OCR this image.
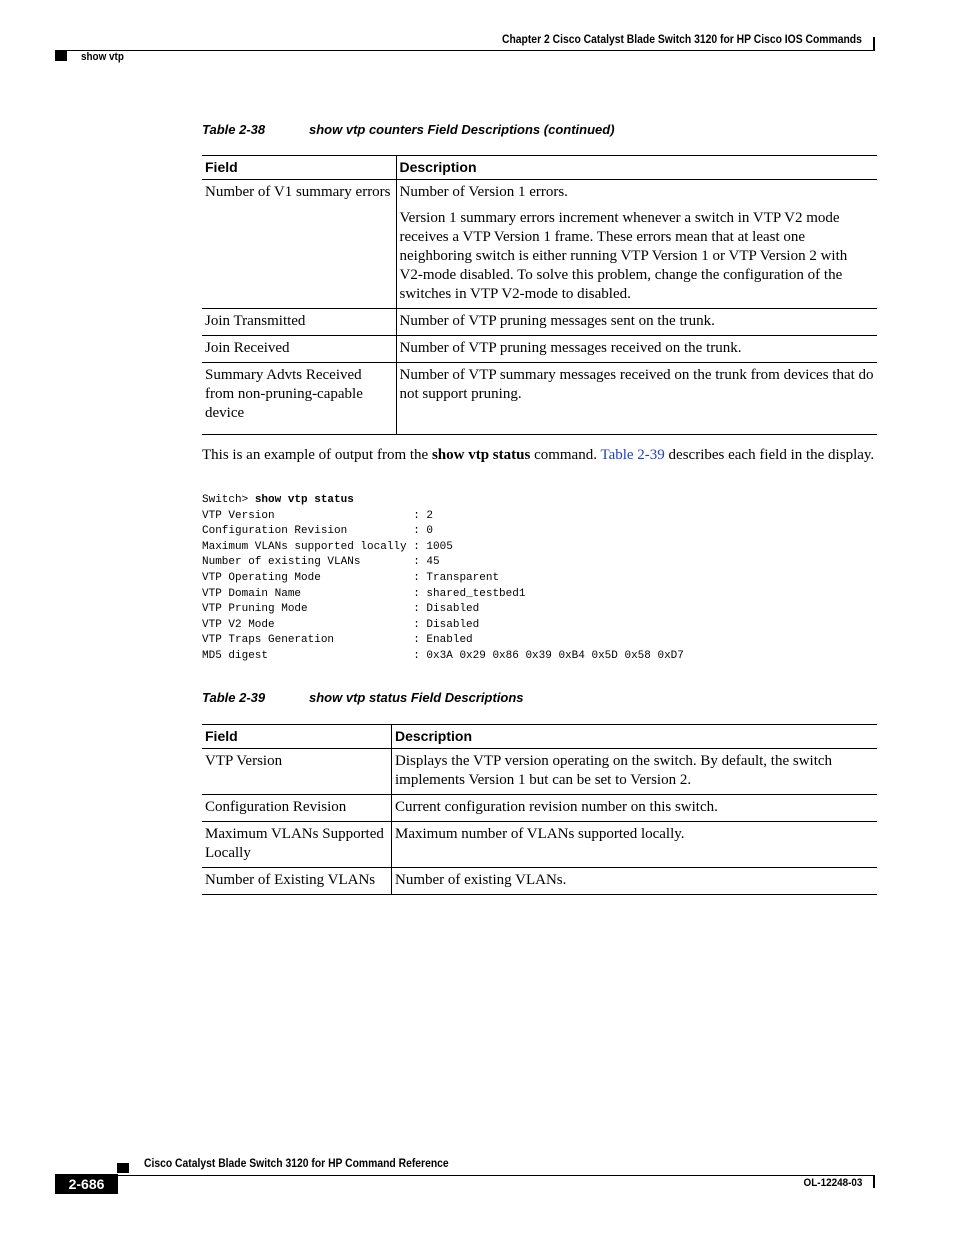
Chapter 2 Cisco Catalyst Blade Switch 3120 for HP Cisco IOS Commands
show vtp
Table 2-38	show vtp counters Field Descriptions (continued)
Field	Description
Number of V1 summary errors	Number of Version 1 errors.

Version 1 summary errors increment whenever a switch in VTP V2 mode receives a VTP Version 1 frame. These errors mean that at least one neighboring switch is either running VTP Version 1 or VTP Version 2 with V2-mode disabled. To solve this problem, change the configuration of the switches in VTP V2-mode to disabled.

Join Transmitted	Number of VTP pruning messages sent on the trunk.
Join Received	Number of VTP pruning messages received on the trunk.
Summary Advts Received from non-pruning-capable device	Number of VTP summary messages received on the trunk from devices that do not support pruning.
This is an example of output from the show vtp status command. Table 2-39 describes each field in the display.
Switch> show vtp status
VTP Version                     : 2
Configuration Revision          : 0
Maximum VLANs supported locally : 1005
Number of existing VLANs        : 45
VTP Operating Mode              : Transparent
VTP Domain Name                 : shared_testbed1
VTP Pruning Mode                : Disabled
VTP V2 Mode                     : Disabled
VTP Traps Generation            : Enabled
MD5 digest                      : 0x3A 0x29 0x86 0x39 0xB4 0x5D 0x58 0xD7
Table 2-39	show vtp status Field Descriptions
Field	Description
VTP Version	Displays the VTP version operating on the switch. By default, the switch implements Version 1 but can be set to Version 2.
Configuration Revision	Current configuration revision number on this switch.
Maximum VLANs Supported Locally	Maximum number of VLANs supported locally.
Number of Existing VLANs	Number of existing VLANs.
Cisco Catalyst Blade Switch 3120 for HP Command Reference
2-686	OL-12248-03
